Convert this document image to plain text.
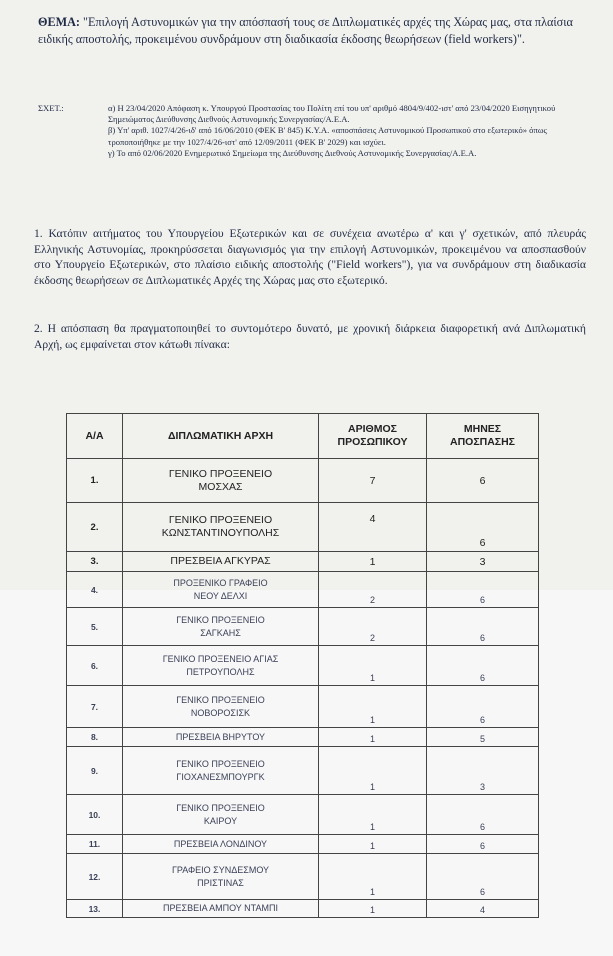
ΘΕΜΑ: "Επιλογή Αστυνομικών για την απόσπασή τους σε Διπλωματικές αρχές της Χώρας μας, στα πλαίσια ειδικής αποστολής, προκειμένου συνδράμουν στη διαδικασία έκδοσης θεωρήσεων (field workers)".
ΣΧΕΤ.:	α) Η 23/04/2020 Απόφαση κ. Υπουργού Προστασίας του Πολίτη επί του υπ' αριθμό 4804/9/402-ιστ' από 23/04/2020 Εισηγητικού Σημειώματος Διεύθυνσης Διεθνούς Αστυνομικής Συνεργασίας/Α.Ε.Α.
β) Υπ' αριθ. 1027/4/26-ιδ' από 16/06/2010 (ΦΕΚ Β' 845) Κ.Υ.Α. «αποσπάσεις Αστυνομικού Προσωπικού στο εξωτερικό» όπως τροποποιήθηκε με την 1027/4/26-ιστ' από 12/09/2011 (ΦΕΚ Β' 2029) και ισχύει.
γ) Το από 02/06/2020 Ενημερωτικό Σημείωμα της Διεύθυνσης Διεθνούς Αστυνομικής Συνεργασίας/Α.Ε.Α.
1. Κατόπιν αιτήματος του Υπουργείου Εξωτερικών και σε συνέχεια ανωτέρω α' και γ' σχετικών, από πλευράς Ελληνικής Αστυνομίας, προκηρύσσεται διαγωνισμός για την επιλογή Αστυνομικών, προκειμένου να αποσπασθούν στο Υπουργείο Εξωτερικών, στο πλαίσιο ειδικής αποστολής ("Field workers"), για να συνδράμουν στη διαδικασία έκδοσης θεωρήσεων σε Διπλωματικές Αρχές της Χώρας μας στο εξωτερικό.
2. Η απόσπαση θα πραγματοποιηθεί το συντομότερο δυνατό, με χρονική διάρκεια διαφορετική ανά Διπλωματική Αρχή, ως εμφαίνεται στον κάτωθι πίνακα:
Α/Α	ΔΙΠΛΩΜΑΤΙΚΗ ΑΡΧΗ	ΑΡΙΘΜΟΣ
ΠΡΟΣΩΠΙΚΟΥ	ΜΗΝΕΣ
ΑΠΟΣΠΑΣΗΣ
1.	ΓΕΝΙΚΟ ΠΡΟΞΕΝΕΙΟ
ΜΟΣΧΑΣ	7	6
2.	ΓΕΝΙΚΟ ΠΡΟΞΕΝΕΙΟ
ΚΩΝΣΤΑΝΤΙΝΟΥΠΟΛΗΣ	4	6
3.	ΠΡΕΣΒΕΙΑ ΑΓΚΥΡΑΣ	1	3
4.	ΠΡΟΞΕΝΙΚΟ ΓΡΑΦΕΙΟ
ΝΕΟΥ ΔΕΛΧΙ	2	6
5.	ΓΕΝΙΚΟ ΠΡΟΞΕΝΕΙΟ
ΣΑΓΚΑΗΣ	2	6
6.	ΓΕΝΙΚΟ ΠΡΟΞΕΝΕΙΟ ΑΓΙΑΣ
ΠΕΤΡΟΥΠΟΛΗΣ	1	6
7.	ΓΕΝΙΚΟ ΠΡΟΞΕΝΕΙΟ
ΝΟΒΟΡΟΣΙΣΚ	1	6
8.	ΠΡΕΣΒΕΙΑ ΒΗΡΥΤΟΥ	1	5
9.	ΓΕΝΙΚΟ ΠΡΟΞΕΝΕΙΟ
ΓΙΟΧΑΝΕΣΜΠΟΥΡΓΚ	1	3
10.	ΓΕΝΙΚΟ ΠΡΟΞΕΝΕΙΟ
ΚΑΙΡΟΥ	1	6
11.	ΠΡΕΣΒΕΙΑ ΛΟΝΔΙΝΟΥ	1	6
12.	ΓΡΑΦΕΙΟ ΣΥΝΔΕΣΜΟΥ
ΠΡΙΣΤΙΝΑΣ	1	6
13.	ΠΡΕΣΒΕΙΑ ΑΜΠΟΥ ΝΤΑΜΠΙ	1	4
